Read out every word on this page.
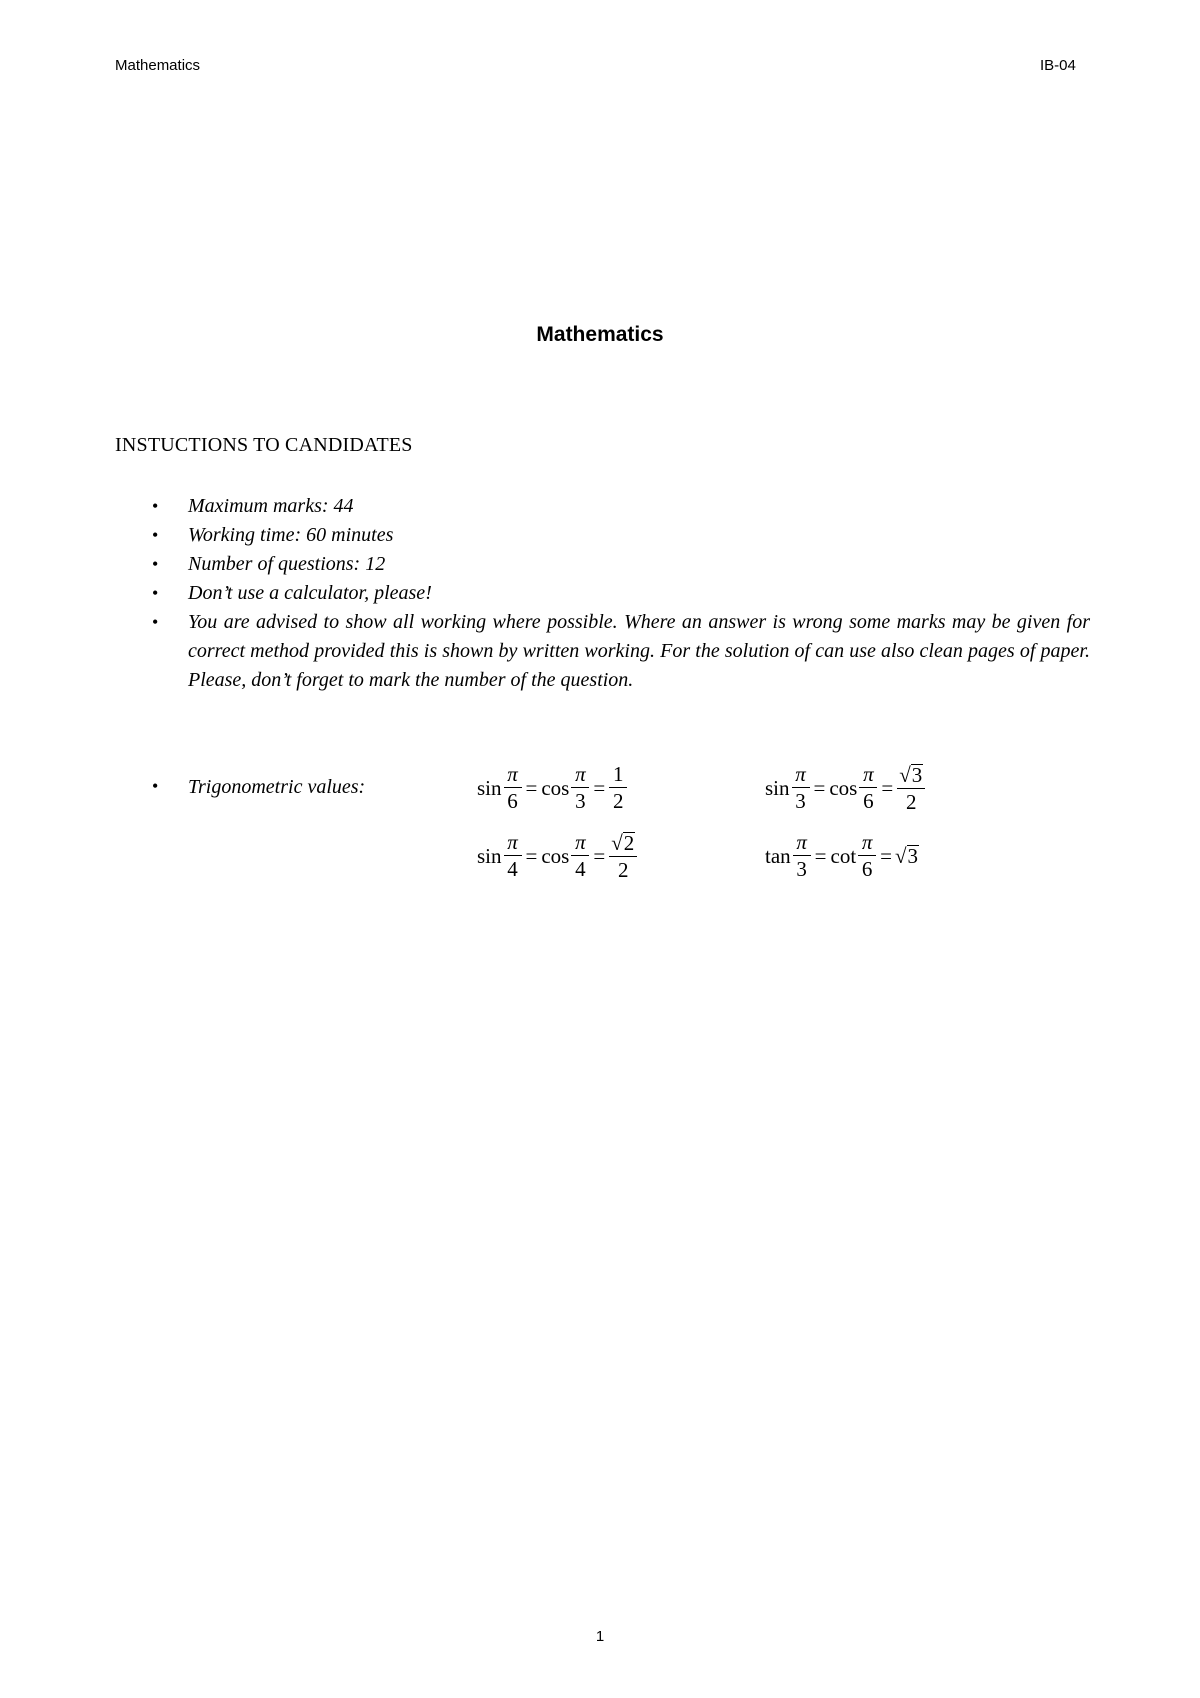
Mathematics	IB-04
Mathematics
INSTUCTIONS TO CANDIDATES
• Maximum marks: 44
• Working time: 60 minutes
• Number of questions: 12
• Don’t use a calculator, please!
• You are advised to show all working where possible. Where an answer is wrong some marks may be given for correct method provided this is shown by written working. For the solution of can use also clean pages of paper. Please, don’t forget to mark the number of the question.
• Trigonometric values:	$\sin \frac{\pi}{6} = \cos \frac{\pi}{3} = \frac{1}{2}$	$\sin \frac{\pi}{3} = \cos \frac{\pi}{6} = \frac{√ 3}{2}$
$\sin \frac{\pi}{4} = \cos \frac{\pi}{4} = \frac{√ 2}{2}$	$\tan \frac{\pi}{3} = \cot \frac{\pi}{6}$ = √ 3
1
